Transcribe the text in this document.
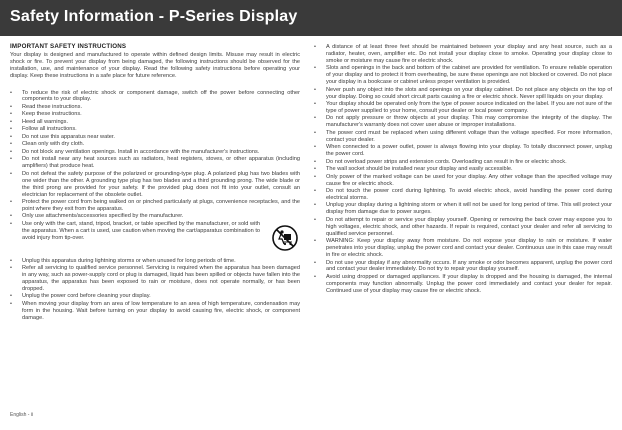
Safety Information - P-Series Display
IMPORTANT SAFETY INSTRUCTIONS

Your display is designed and manufactured to operate within defined design limits. Misuse may result in electric shock or fire. To prevent your display from being damaged, the following instructions should be observed for the installation, use, and maintenance of your display. Read the following safety instructions before operating your display. Keep these instructions in a safe place for future reference.

• To reduce the risk of electric shock or component damage, switch off the power before connecting other components to your display.
• Read these instructions.
• Keep these instructions.
• Heed all warnings.
• Follow all instructions.
• Do not use this apparatus near water.
• Clean only with dry cloth.
• Do not block any ventilation openings. Install in accordance with the manufacturer's instructions.
• Do not install near any heat sources such as radiators, heat registers, stoves, or other apparatus (including amplifiers) that produce heat.
• Do not defeat the safety purpose of the polarized or grounding-type plug. A polarized plug has two blades with one wider than the other. A grounding type plug has two blades and a third grounding prong. The wide blade or the third prong are provided for your safety. If the provided plug does not fit into your outlet, consult an electrician for replacement of the obsolete outlet.
• Protect the power cord from being walked on or pinched particularly at plugs, convenience receptacles, and the point where they exit from the apparatus.
• Only use attachments/accessories specified by the manufacturer.
• Use only with the cart, stand, tripod, bracket, or table specified by the manufacturer, or sold with the apparatus. When a cart is used, use caution when moving the cart/apparatus combination to avoid injury from tip-over.
• Unplug this apparatus during lightning storms or when unused for long periods of time.
• Refer all servicing to qualified service personnel. Servicing is required when the apparatus has been damaged in any way, such as power-supply cord or plug is damaged, liquid has been spilled or objects have fallen into the apparatus, the apparatus has been exposed to rain or moisture, does not operate normally, or has been dropped.
• Unplug the power cord before cleaning your display.
• When moving your display from an area of low temperature to an area of high temperature, condensation may form in the housing. Wait before turning on your display to avoid causing fire, electric shock, or component damage.
• A distance of at least three feet should be maintained between your display and any heat source, such as a radiator, heater, oven, amplifier etc. Do not install your display close to smoke. Operating your display close to smoke or moisture may cause fire or electric shock.
• Slots and openings in the back and bottom of the cabinet are provided for ventilation. To ensure reliable operation of your display and to protect it from overheating, be sure these openings are not blocked or covered. Do not place your display in a bookcase or cabinet unless proper ventilation is provided.
• Never push any object into the slots and openings on your display cabinet. Do not place any objects on the top of your display. Doing so could short circuit parts causing a fire or electric shock. Never spill liquids on your display.
• Your display should be operated only from the type of power source indicated on the label. If you are not sure of the type of power supplied to your home, consult your dealer or local power company.
• Do not apply pressure or throw objects at your display. This may compromise the integrity of the display. The manufacturer's warranty does not cover user abuse or improper installations.
• The power cord must be replaced when using different voltage than the voltage specified. For more information, contact your dealer.
• When connected to a power outlet, power is always flowing into your display. To totally disconnect power, unplug the power cord.
• Do not overload power strips and extension cords. Overloading can result in fire or electric shock.
• The wall socket should be installed near your display and easily accessible.
• Only power of the marked voltage can be used for your display. Any other voltage than the specified voltage may cause fire or electric shock.
• Do not touch the power cord during lightning. To avoid electric shock, avoid handling the power cord during electrical storms.
• Unplug your display during a lightning storm or when it will not be used for long period of time. This will protect your display from damage due to power surges.
• Do not attempt to repair or service your display yourself. Opening or removing the back cover may expose you to high voltages, electric shock, and other hazards. If repair is required, contact your dealer and refer all servicing to qualified service personnel.
• WARNING: Keep your display away from moisture. Do not expose your display to rain or moisture. If water penetrates into your display, unplug the power cord and contact your dealer. Continuous use in this case may result in fire or electric shock.
• Do not use your display if any abnormality occurs. If any smoke or odor becomes apparent, unplug the power cord and contact your dealer immediately. Do not try to repair your display yourself.
• Avoid using dropped or damaged appliances. If your display is dropped and the housing is damaged, the internal components may function abnormally. Unplug the power cord immediately and contact your dealer for repair. Continued use of your display may cause fire or electric shock.
English - ii
